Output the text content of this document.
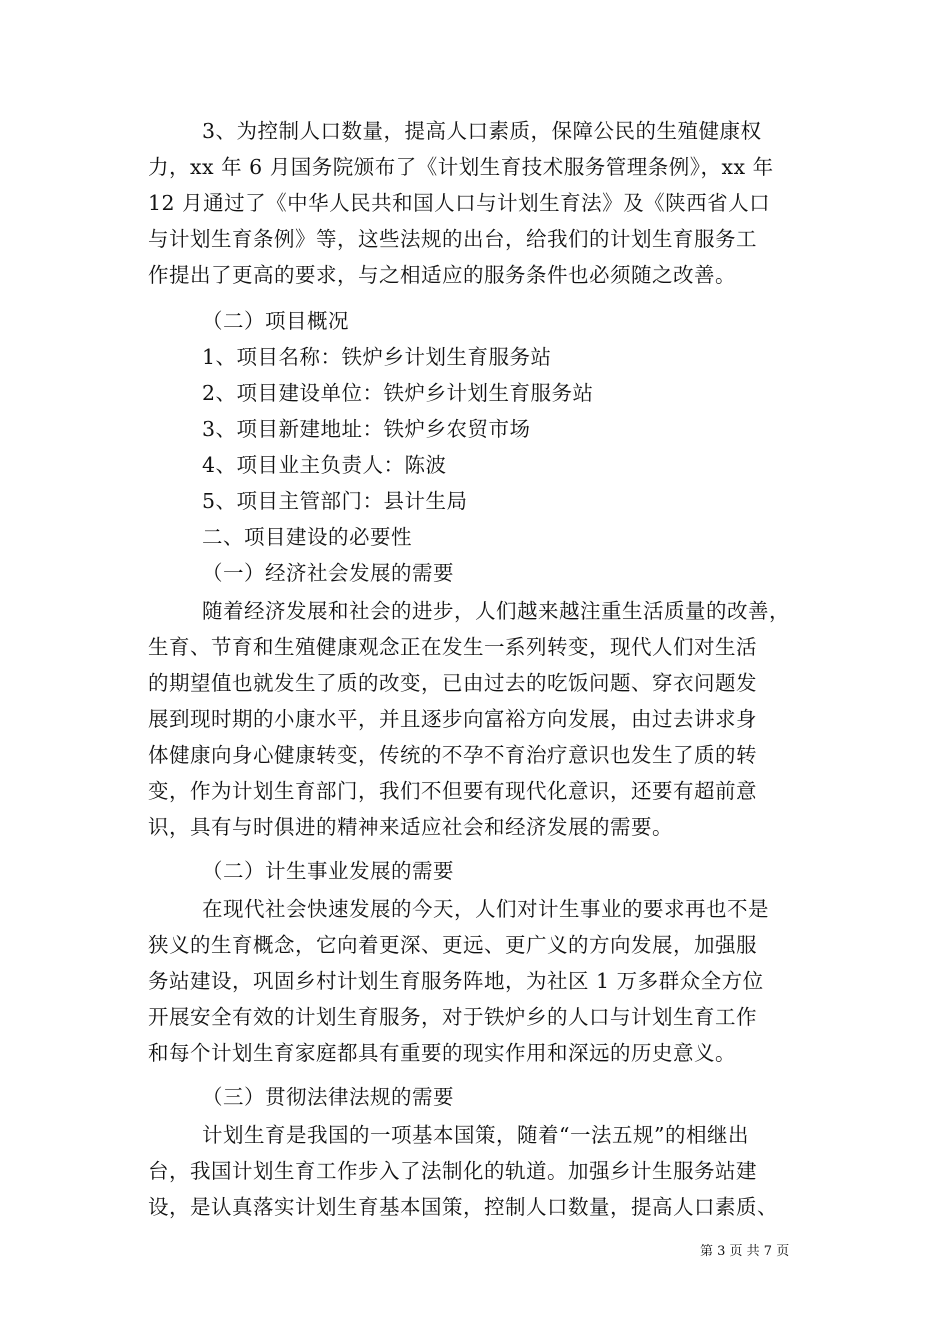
3、为控制人口数量，提高人口素质，保障公民的生殖健康权
力，xx 年 6 月国务院颁布了《计划生育技术服务管理条例》，xx 年
12 月通过了《中华人民共和国人口与计划生育法》及《陕西省人口
与计划生育条例》等，这些法规的出台，给我们的计划生育服务工
作提出了更高的要求，与之相适应的服务条件也必须随之改善。
（二）项目概况
1、项目名称：铁炉乡计划生育服务站
2、项目建设单位：铁炉乡计划生育服务站
3、项目新建地址：铁炉乡农贸市场
4、项目业主负责人：陈波
5、项目主管部门：县计生局
二、项目建设的必要性
（一）经济社会发展的需要
随着经济发展和社会的进步，人们越来越注重生活质量的改善，
生育、节育和生殖健康观念正在发生一系列转变，现代人们对生活
的期望值也就发生了质的改变，已由过去的吃饭问题、穿衣问题发
展到现时期的小康水平，并且逐步向富裕方向发展，由过去讲求身
体健康向身心健康转变，传统的不孕不育治疗意识也发生了质的转
变，作为计划生育部门，我们不但要有现代化意识，还要有超前意
识，具有与时俱进的精神来适应社会和经济发展的需要。
（二）计生事业发展的需要
在现代社会快速发展的今天，人们对计生事业的要求再也不是
狭义的生育概念，它向着更深、更远、更广义的方向发展，加强服
务站建设，巩固乡村计划生育服务阵地，为社区 1 万多群众全方位
开展安全有效的计划生育服务，对于铁炉乡的人口与计划生育工作
和每个计划生育家庭都具有重要的现实作用和深远的历史意义。
（三）贯彻法律法规的需要
计划生育是我国的一项基本国策，随着“一法五规”的相继出
台，我国计划生育工作步入了法制化的轨道。加强乡计生服务站建
设，是认真落实计划生育基本国策，控制人口数量，提高人口素质、
第 3 页 共 7 页
